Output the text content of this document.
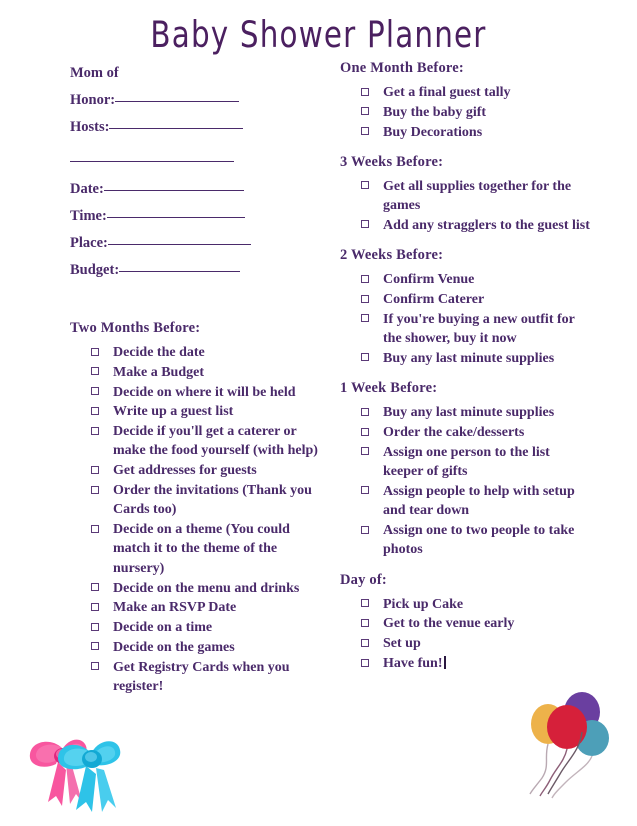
Baby Shower Planner
Mom of
Honor:
Hosts:
Date:
Time:
Place:
Budget:
Two Months Before:
Decide the date
Make a Budget
Decide on where it will be held
Write up a guest list
Decide if you'll get a caterer or make the food yourself (with help)
Get addresses for guests
Order the invitations (Thank you Cards too)
Decide on a theme (You could match it to the theme of the nursery)
Decide on the menu and drinks
Make an RSVP Date
Decide on a time
Decide on the games
Get Registry Cards when you register!
One Month Before:
Get a final guest tally
Buy the baby gift
Buy Decorations
3 Weeks Before:
Get all supplies together for the games
Add any stragglers to the guest list
2 Weeks Before:
Confirm Venue
Confirm Caterer
If you're buying a new outfit for the shower, buy it now
Buy any last minute supplies
1 Week Before:
Buy any last minute supplies
Order the cake/desserts
Assign one person to the list keeper of gifts
Assign people to help with setup and tear down
Assign one to two people to take photos
Day of:
Pick up Cake
Get to the venue early
Set up
Have fun!
